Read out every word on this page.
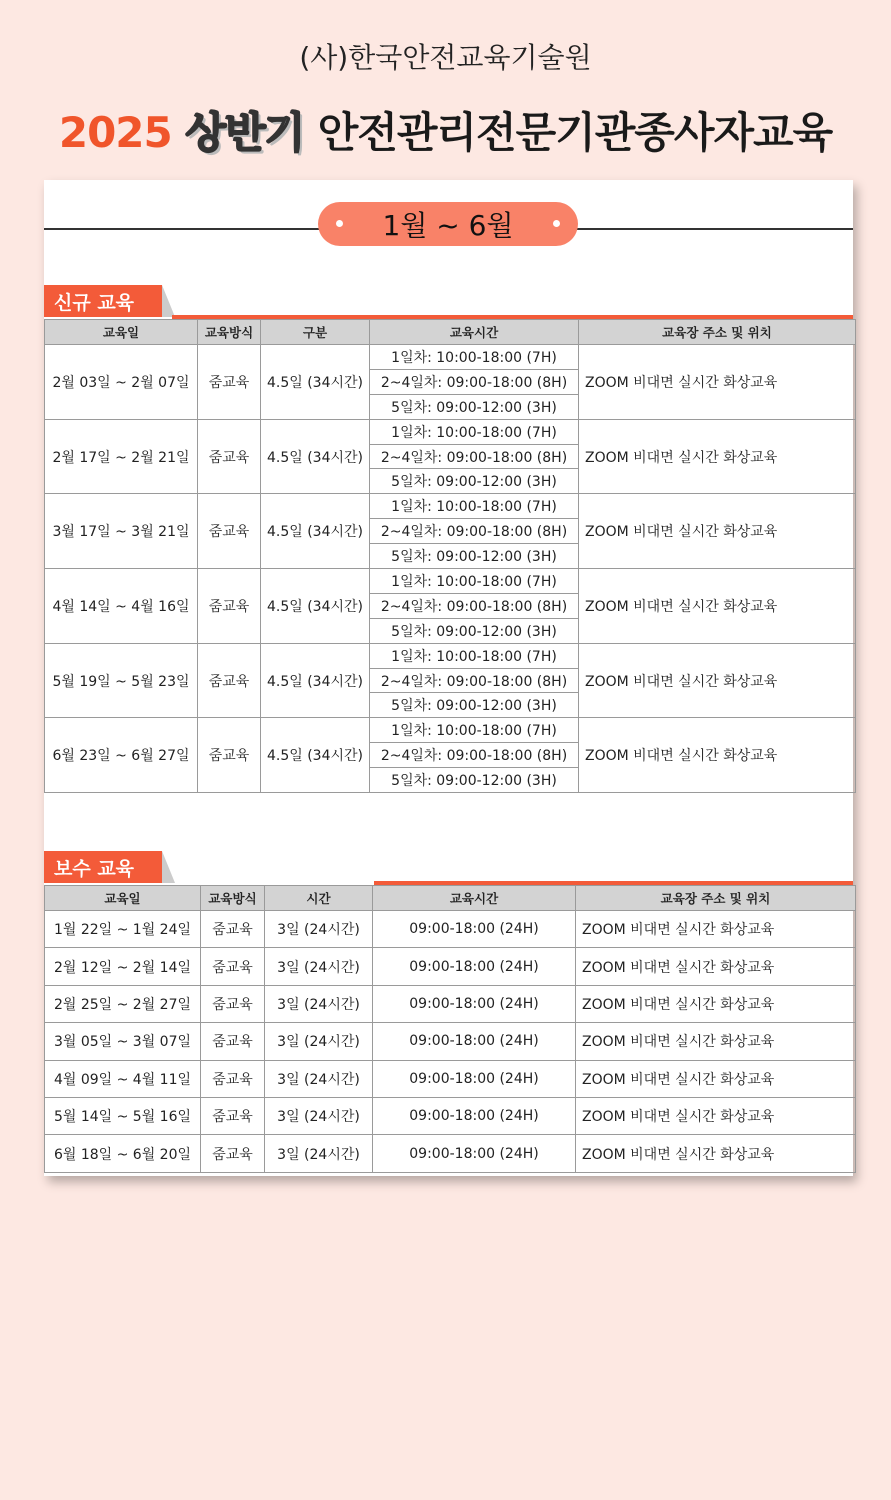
(사)한국안전교육기술원
2025 상반기 안전관리전문기관종사자교육
1월 ~ 6월
신규 교육
교육일	교육방식	구분	교육시간	교육장 주소 및 위치
2월 03일 ~ 2월 07일	줌교육	4.5일 (34시간)	1일차: 10:00-18:00 (7H)	ZOOM 비대면 실시간 화상교육
			2~4일차: 09:00-18:00 (8H)	
			5일차: 09:00-12:00 (3H)	
2월 17일 ~ 2월 21일	줌교육	4.5일 (34시간)	1일차: 10:00-18:00 (7H)	ZOOM 비대면 실시간 화상교육
			2~4일차: 09:00-18:00 (8H)	
			5일차: 09:00-12:00 (3H)	
3월 17일 ~ 3월 21일	줌교육	4.5일 (34시간)	1일차: 10:00-18:00 (7H)	ZOOM 비대면 실시간 화상교육
			2~4일차: 09:00-18:00 (8H)	
			5일차: 09:00-12:00 (3H)	
4월 14일 ~ 4월 16일	줌교육	4.5일 (34시간)	1일차: 10:00-18:00 (7H)	ZOOM 비대면 실시간 화상교육
			2~4일차: 09:00-18:00 (8H)	
			5일차: 09:00-12:00 (3H)	
5월 19일 ~ 5월 23일	줌교육	4.5일 (34시간)	1일차: 10:00-18:00 (7H)	ZOOM 비대면 실시간 화상교육
			2~4일차: 09:00-18:00 (8H)	
			5일차: 09:00-12:00 (3H)	
6월 23일 ~ 6월 27일	줌교육	4.5일 (34시간)	1일차: 10:00-18:00 (7H)	ZOOM 비대면 실시간 화상교육
			2~4일차: 09:00-18:00 (8H)	
			5일차: 09:00-12:00 (3H)	
보수 교육
교육일	교육방식	시간	교육시간	교육장 주소 및 위치
1월 22일 ~ 1월 24일	줌교육	3일 (24시간)	09:00-18:00 (24H)	ZOOM 비대면 실시간 화상교육
2월 12일 ~ 2월 14일	줌교육	3일 (24시간)	09:00-18:00 (24H)	ZOOM 비대면 실시간 화상교육
2월 25일 ~ 2월 27일	줌교육	3일 (24시간)	09:00-18:00 (24H)	ZOOM 비대면 실시간 화상교육
3월 05일 ~ 3월 07일	줌교육	3일 (24시간)	09:00-18:00 (24H)	ZOOM 비대면 실시간 화상교육
4월 09일 ~ 4월 11일	줌교육	3일 (24시간)	09:00-18:00 (24H)	ZOOM 비대면 실시간 화상교육
5월 14일 ~ 5월 16일	줌교육	3일 (24시간)	09:00-18:00 (24H)	ZOOM 비대면 실시간 화상교육
6월 18일 ~ 6월 20일	줌교육	3일 (24시간)	09:00-18:00 (24H)	ZOOM 비대면 실시간 화상교육
